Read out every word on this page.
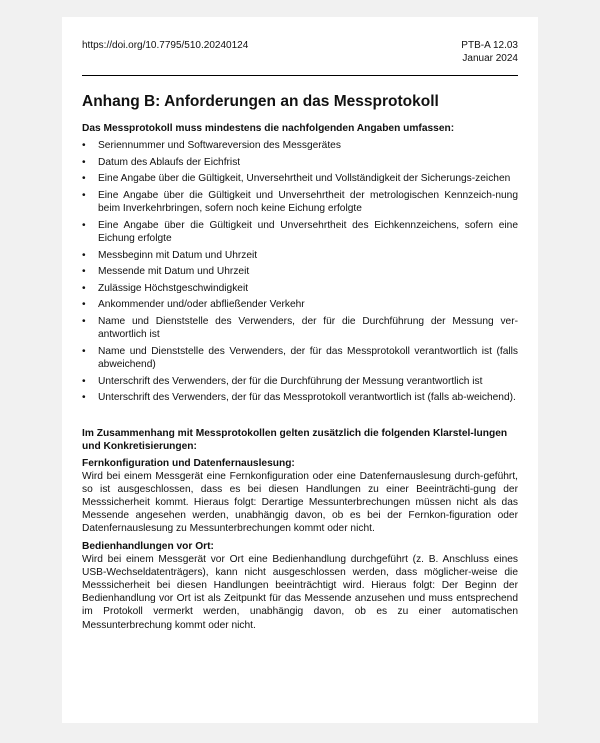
https://doi.org/10.7795/510.20240124	PTB-A 12.03
Januar 2024
Anhang B: Anforderungen an das Messprotokoll

Das Messprotokoll muss mindestens die nachfolgenden Angaben umfassen:

• Seriennummer und Softwareversion des Messgerätes
• Datum des Ablaufs der Eichfrist
• Eine Angabe über die Gültigkeit, Unversehrtheit und Vollständigkeit der Sicherungs-zeichen
• Eine Angabe über die Gültigkeit und Unversehrtheit der metrologischen Kennzeich-nung beim Inverkehrbringen, sofern noch keine Eichung erfolgte
• Eine Angabe über die Gültigkeit und Unversehrtheit des Eichkennzeichens, sofern eine Eichung erfolgte
• Messbeginn mit Datum und Uhrzeit
• Messende mit Datum und Uhrzeit
• Zulässige Höchstgeschwindigkeit
• Ankommender und/oder abfließender Verkehr
• Name und Dienststelle des Verwenders, der für die Durchführung der Messung ver-antwortlich ist
• Name und Dienststelle des Verwenders, der für das Messprotokoll verantwortlich ist (falls abweichend)
• Unterschrift des Verwenders, der für die Durchführung der Messung verantwortlich ist
• Unterschrift des Verwenders, der für das Messprotokoll verantwortlich ist (falls ab-weichend).

Im Zusammenhang mit Messprotokollen gelten zusätzlich die folgenden Klarstel-lungen und Konkretisierungen:

Fernkonfiguration und Datenfernauslesung:

Wird bei einem Messgerät eine Fernkonfiguration oder eine Datenfernauslesung durch-geführt, so ist ausgeschlossen, dass es bei diesen Handlungen zu einer Beeinträchti-gung der Messsicherheit kommt. Hieraus folgt: Derartige Messunterbrechungen müssen nicht als das Messende angesehen werden, unabhängig davon, ob es bei der Fernkon-figuration oder Datenfernauslesung zu Messunterbrechungen kommt oder nicht.

Bedienhandlungen vor Ort:

Wird bei einem Messgerät vor Ort eine Bedienhandlung durchgeführt (z. B. Anschluss eines USB-Wechseldatenträgers), kann nicht ausgeschlossen werden, dass möglicher-weise die Messsicherheit bei diesen Handlungen beeinträchtigt wird. Hieraus folgt: Der Beginn der Bedienhandlung vor Ort ist als Zeitpunkt für das Messende anzusehen und muss entsprechend im Protokoll vermerkt werden, unabhängig davon, ob es zu einer automatischen Messunterbrechung kommt oder nicht.
